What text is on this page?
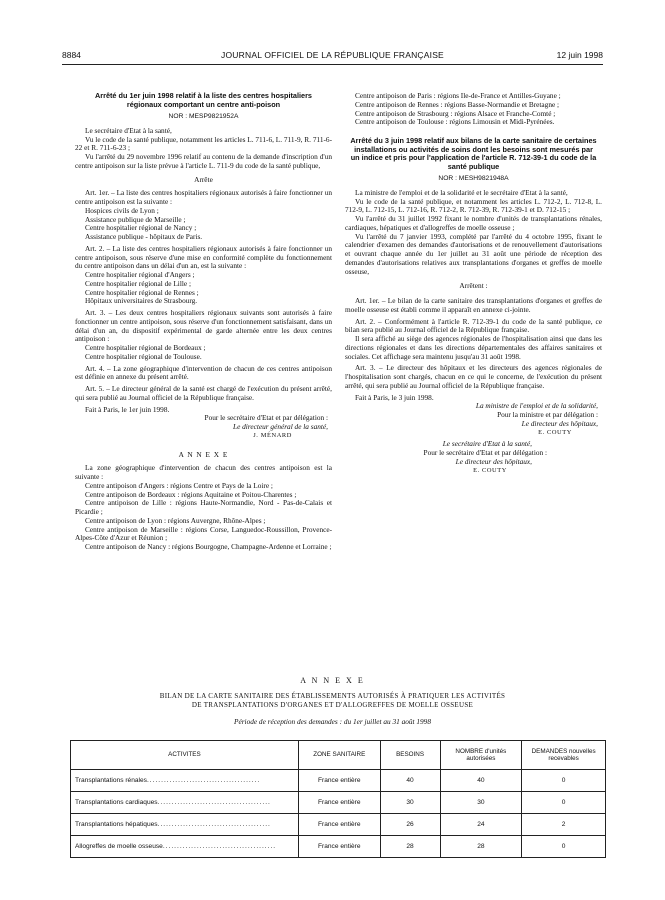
8884	JOURNAL OFFICIEL DE LA RÉPUBLIQUE FRANÇAISE	12 juin 1998
Arrêté du 1er juin 1998 relatif à la liste des centres hospitaliers régionaux comportant un centre anti-poison
NOR : MESP9821952A

Le secrétaire d'Etat à la santé,

Vu le code de la santé publique, notamment les articles L. 711-6, L. 711-9, R. 711-6-22 et R. 711-6-23 ;

Vu l'arrêté du 29 novembre 1996 relatif au contenu de la demande d'inscription d'un centre antipoison sur la liste prévue à l'article L. 711-9 du code de la santé publique,

Arrête

Art. 1er. – La liste des centres hospitaliers régionaux autorisés à faire fonctionner un centre antipoison est la suivante :

Hospices civils de Lyon ;
Assistance publique de Marseille ;
Centre hospitalier régional de Nancy ;
Assistance publique - hôpitaux de Paris.

Art. 2. – La liste des centres hospitaliers régionaux autorisés à faire fonctionner un centre antipoison, sous réserve d'une mise en conformité complète du fonctionnement du centre antipoison dans un délai d'un an, est la suivante :

Centre hospitalier régional d'Angers ;
Centre hospitalier régional de Lille ;
Centre hospitalier régional de Rennes ;
Hôpitaux universitaires de Strasbourg.

Art. 3. – Les deux centres hospitaliers régionaux suivants sont autorisés à faire fonctionner un centre antipoison, sous réserve d'un fonctionnement satisfaisant, dans un délai d'un an, du dispositif expérimental de garde alternée entre les deux centres antipoison :

Centre hospitalier régional de Bordeaux ;
Centre hospitalier régional de Toulouse.

Art. 4. – La zone géographique d'intervention de chacun de ces centres antipoison est définie en annexe du présent arrêté.

Art. 5. – Le directeur général de la santé est chargé de l'exécution du présent arrêté, qui sera publié au Journal officiel de la République française.

Fait à Paris, le 1er juin 1998.

Pour le secrétaire d'Etat et par délégation :
Le directeur général de la santé,
J. MÉNARD
A N N E X E

La zone géographique d'intervention de chacun des centres antipoison est la suivante :

Centre antipoison d'Angers : régions Centre et Pays de la Loire ;

Centre antipoison de Bordeaux : régions Aquitaine et Poitou-Charentes ;

Centre antipoison de Lille : régions Haute-Normandie, Nord - Pas-de-Calais et Picardie ;

Centre antipoison de Lyon : régions Auvergne, Rhône-Alpes ;

Centre antipoison de Marseille : régions Corse, Languedoc-Roussillon, Provence-Alpes-Côte d'Azur et Réunion ;

Centre antipoison de Nancy : régions Bourgogne, Champagne-Ardenne et Lorraine ;

Centre antipoison de Paris : régions Ile-de-France et Antilles-Guyane ;

Centre antipoison de Rennes : régions Basse-Normandie et Bretagne ;

Centre antipoison de Strasbourg : régions Alsace et Franche-Comté ;

Centre antipoison de Toulouse : régions Limousin et Midi-Pyrénées.

Arrêté du 3 juin 1998 relatif aux bilans de la carte sanitaire de certaines installations ou activités de soins dont les besoins sont mesurés par un indice et pris pour l'application de l'article R. 712-39-1 du code de la santé publique
NOR : MESH9821948A

La ministre de l'emploi et de la solidarité et le secrétaire d'Etat à la santé,

Vu le code de la santé publique, et notamment les articles L. 712-2, L. 712-8, L. 712-9, L. 712-15, L. 712-16, R. 712-2, R. 712-39, R. 712-39-1 et D. 712-15 ;

Vu l'arrêté du 31 juillet 1992 fixant le nombre d'unités de transplantations rénales, cardiaques, hépatiques et d'allogreffes de moelle osseuse ;

Vu l'arrêté du 7 janvier 1993, complété par l'arrêté du 4 octobre 1995, fixant le calendrier d'examen des demandes d'autorisations et de renouvellement d'autorisations et ouvrant chaque année du 1er juillet au 31 août une période de réception des demandes d'autorisations relatives aux transplantations d'organes et greffes de moelle osseuse,

Arrêtent :

Art. 1er. – Le bilan de la carte sanitaire des transplantations d'organes et greffes de moelle osseuse est établi comme il apparaît en annexe ci-jointe.

Art. 2. – Conformément à l'article R. 712-39-1 du code de la santé publique, ce bilan sera publié au Journal officiel de la République française.

Il sera affiché au siège des agences régionales de l'hospitalisation ainsi que dans les directions régionales et dans les directions départementales des affaires sanitaires et sociales. Cet affichage sera maintenu jusqu'au 31 août 1998.

Art. 3. – Le directeur des hôpitaux et les directeurs des agences régionales de l'hospitalisation sont chargés, chacun en ce qui le concerne, de l'exécution du présent arrêté, qui sera publié au Journal officiel de la République française.

Fait à Paris, le 3 juin 1998.

La ministre de l'emploi et de la solidarité,
Pour la ministre et par délégation :
Le directeur des hôpitaux,
E. COUTY
Le secrétaire d'Etat à la santé,
Pour le secrétaire d'Etat et par délégation :
Le directeur des hôpitaux,
E. COUTY
A N N E X E
BILAN DE LA CARTE SANITAIRE DES ÉTABLISSEMENTS AUTORISÉS À PRATIQUER LES ACTIVITÉS
DE TRANSPLANTATIONS D'ORGANES ET D'ALLOGREFFES DE MOELLE OSSEUSE
Période de réception des demandes : du 1er juillet au 31 août 1998
ACTIVITES	ZONE SANITAIRE	BESOINS	NOMBRE d'unités autorisées	DEMANDES nouvelles recevables
Transplantations rénales........................................	France entière	40	40	0
Transplantations cardiaques........................................	France entière	30	30	0
Transplantations hépatiques........................................	France entière	26	24	2
Allogreffes de moelle osseuse........................................	France entière	28	28	0
